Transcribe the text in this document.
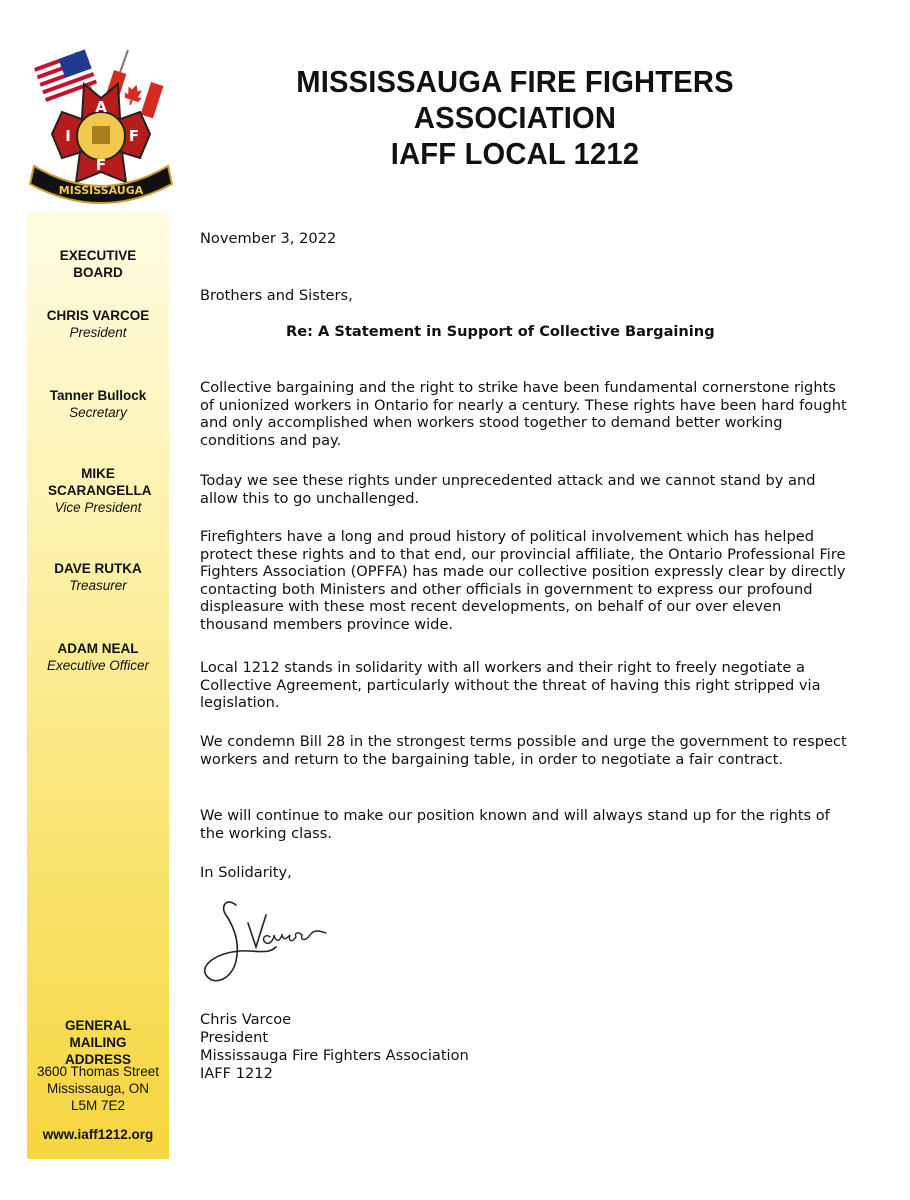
A
I	F
F
MISSISSAUGA
MISSISSAUGA FIRE FIGHTERS ASSOCIATION
IAFF LOCAL 1212
EXECUTIVE BOARD
CHRIS VARCOE
President
Tanner Bullock
Secretary
MIKE SCARANGELLA
Vice President
DAVE RUTKA
Treasurer
ADAM NEAL
Executive Officer
GENERAL MAILING ADDRESS
3600 Thomas Street
Mississauga, ON
L5M 7E2
www.iaff1212.org
November 3, 2022
Brothers and Sisters,
Re: A Statement in Support of Collective Bargaining
Collective bargaining and the right to strike have been fundamental cornerstone rights of unionized workers in Ontario for nearly a century. These rights have been hard fought and only accomplished when workers stood together to demand better working conditions and pay.
Today we see these rights under unprecedented attack and we cannot stand by and allow this to go unchallenged.
Firefighters have a long and proud history of political involvement which has helped protect these rights and to that end, our provincial affiliate, the Ontario Professional Fire Fighters Association (OPFFA) has made our collective position expressly clear by directly contacting both Ministers and other officials in government to express our profound displeasure with these most recent developments, on behalf of our over eleven thousand members province wide.
Local 1212 stands in solidarity with all workers and their right to freely negotiate a Collective Agreement, particularly without the threat of having this right stripped via legislation.
We condemn Bill 28 in the strongest terms possible and urge the government to respect workers and return to the bargaining table, in order to negotiate a fair contract.
We will continue to make our position known and will always stand up for the rights of the working class.
In Solidarity,
Chris Varcoe
President
Mississauga Fire Fighters Association
IAFF 1212
